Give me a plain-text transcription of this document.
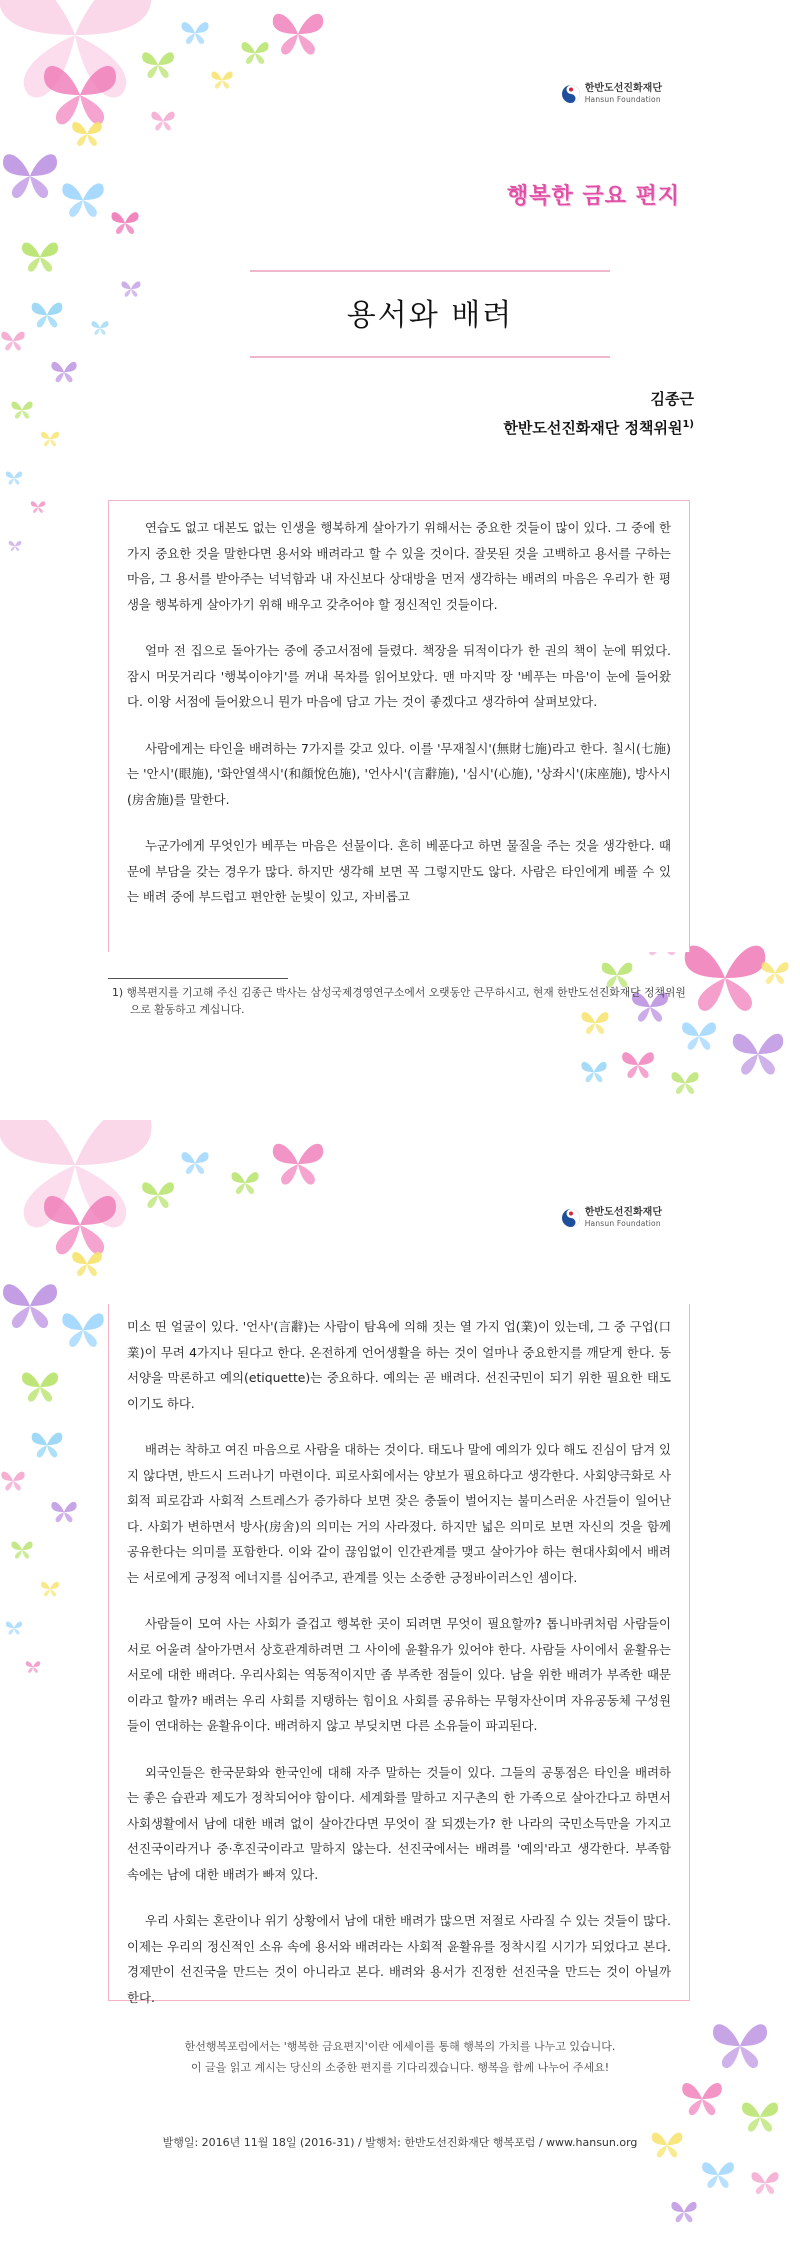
한반도선진화재단
Hansun Foundation
행복한 금요 편지
용서와 배려
김종근
한반도선진화재단 정책위원$^{1)}$

연습도 없고 대본도 없는 인생을 행복하게 살아가기 위해서는 중요한 것들이 많이 있다. 그 중에 한 가지 중요한 것을 말한다면 용서와 배려라고 할 수 있을 것이다. 잘못된 것을 고백하고 용서를 구하는 마음, 그 용서를 받아주는 넉넉함과 내 자신보다 상대방을 먼저 생각하는 배려의 마음은 우리가 한 평생을 행복하게 살아가기 위해 배우고 갖추어야 할 정신적인 것들이다.

얼마 전 집으로 돌아가는 중에 중고서점에 들렸다. 책장을 뒤적이다가 한 권의 책이 눈에 뛰었다. 잠시 머뭇거리다 '행복이야기'를 꺼내 목차를 읽어보았다. 맨 마지막 장 '베푸는 마음'이 눈에 들어왔다. 이왕 서점에 들어왔으니 뭔가 마음에 담고 가는 것이 좋겠다고 생각하여 살펴보았다.

사람에게는 타인을 배려하는 7가지를 갖고 있다. 이를 '무재칠시'(無財七施)라고 한다. 칠시(七施)는 '안시'(眼施), '화안열색시'(和顔悅色施), '언사시'(言辭施), '심시'(心施), '상좌시'(床座施), 방사시(房舍施)를 말한다.

누군가에게 무엇인가 베푸는 마음은 선물이다. 흔히 베푼다고 하면 물질을 주는 것을 생각한다. 때문에 부담을 갖는 경우가 많다. 하지만 생각해 보면 꼭 그렇지만도 않다. 사람은 타인에게 베풀 수 있는 배려 중에 부드럽고 편안한 눈빛이 있고, 자비롭고

1) 행복편지를 기고해 주신 김종근 박사는 삼성국제경영연구소에서 오랫동안 근무하시고, 현재 한반도선진화재단 정책위원으로 활동하고 계십니다.
한반도선진화재단
Hansun Foundation

미소 띤 얼굴이 있다. '언사'(言辭)는 사람이 탐욕에 의해 짓는 열 가지 업(業)이 있는데, 그 중 구업(口業)이 무려 4가지나 된다고 한다. 온전하게 언어생활을 하는 것이 얼마나 중요한지를 깨닫게 한다. 동서양을 막론하고 예의(etiquette)는 중요하다. 예의는 곧 배려다. 선진국민이 되기 위한 필요한 태도이기도 하다.

배려는 착하고 여진 마음으로 사람을 대하는 것이다. 태도나 말에 예의가 있다 해도 진심이 담겨 있지 않다면, 반드시 드러나기 마련이다. 피로사회에서는 양보가 필요하다고 생각한다. 사회양극화로 사회적 피로감과 사회적 스트레스가 증가하다 보면 잦은 충돌이 벌어지는 불미스러운 사건들이 일어난다. 사회가 변하면서 방사(房舍)의 의미는 거의 사라졌다. 하지만 넓은 의미로 보면 자신의 것을 함께 공유한다는 의미를 포함한다. 이와 같이 끊임없이 인간관계를 맺고 살아가야 하는 현대사회에서 배려는 서로에게 긍정적 에너지를 심어주고, 관계를 잇는 소중한 긍정바이러스인 셈이다.

사람들이 모여 사는 사회가 즐겁고 행복한 곳이 되려면 무엇이 필요할까? 톱니바퀴처럼 사람들이 서로 어울려 살아가면서 상호관계하려면 그 사이에 윤활유가 있어야 한다. 사람들 사이에서 윤활유는 서로에 대한 배려다. 우리사회는 역동적이지만 좀 부족한 점들이 있다. 남을 위한 배려가 부족한 때문이라고 할까? 배려는 우리 사회를 지탱하는 힘이요 사회를 공유하는 무형자산이며 자유공동체 구성원들이 연대하는 윤활유이다. 배려하지 않고 부딪치면 다른 소유들이 파괴된다.

외국인들은 한국문화와 한국인에 대해 자주 말하는 것들이 있다. 그들의 공통점은 타인을 배려하는 좋은 습관과 제도가 정착되어야 함이다. 세계화를 말하고 지구촌의 한 가족으로 살아간다고 하면서 사회생활에서 남에 대한 배려 없이 살아간다면 무엇이 잘 되겠는가? 한 나라의 국민소득만을 가지고 선진국이라거나 중·후진국이라고 말하지 않는다. 선진국에서는 배려를 '예의'라고 생각한다. 부족함 속에는 남에 대한 배려가 빠져 있다.

우리 사회는 혼란이나 위기 상황에서 남에 대한 배려가 많으면 저절로 사라질 수 있는 것들이 많다. 이제는 우리의 정신적인 소유 속에 용서와 배려라는 사회적 윤활유를 정착시킬 시기가 되었다고 본다. 경제만이 선진국을 만드는 것이 아니라고 본다. 배려와 용서가 진정한 선진국을 만드는 것이 아닐까 한다.

한선행복포럼에서는 '행복한 금요편지'이란 에세이를 통해 행복의 가치를 나누고 있습니다.
이 글을 읽고 계시는 당신의 소중한 편지를 기다리겠습니다. 행복을 함께 나누어 주세요!
발행일: 2016년 11월 18일 (2016-31) / 발행처: 한반도선진화재단 행복포럼 / www.hansun.org
